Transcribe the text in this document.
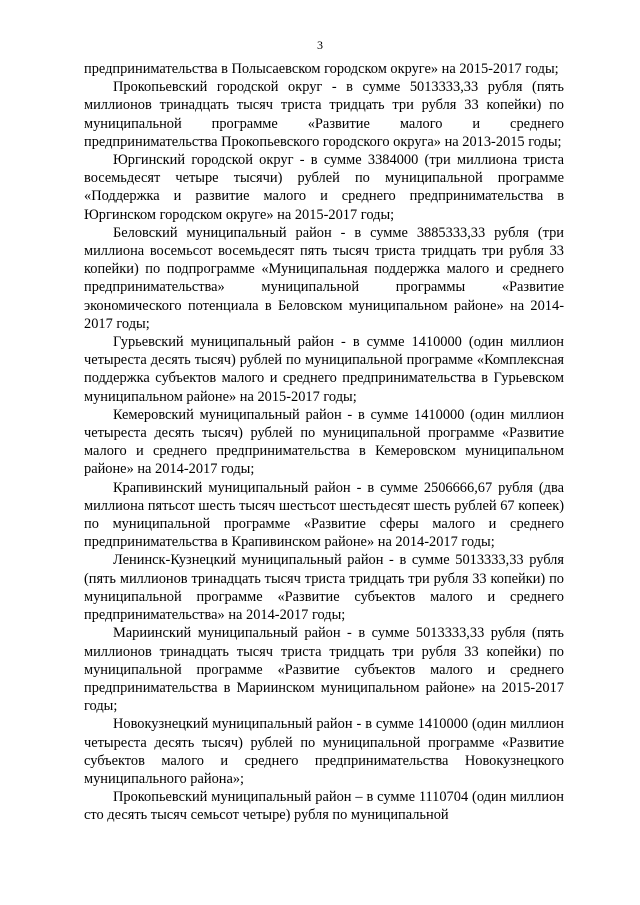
3

предпринимательства в Полысаевском городском округе» на 2015-2017 годы;

Прокопьевский городской округ - в сумме 5013333,33 рубля (пять миллионов тринадцать тысяч триста тридцать три рубля 33 копейки) по муниципальной программе «Развитие малого и среднего предпринимательства Прокопьевского городского округа» на 2013-2015 годы;

Юргинский городской округ - в сумме 3384000 (три миллиона триста восемьдесят четыре тысячи) рублей по муниципальной программе «Поддержка и развитие малого и среднего предпринимательства в Юргинском городском округе» на 2015-2017 годы;

Беловский муниципальный район - в сумме 3885333,33 рубля (три миллиона восемьсот восемьдесят пять тысяч триста тридцать три рубля 33 копейки) по подпрограмме «Муниципальная поддержка малого и среднего предпринимательства» муниципальной программы «Развитие экономического потенциала в Беловском муниципальном районе» на 2014-2017 годы;

Гурьевский муниципальный район - в сумме 1410000 (один миллион четыреста десять тысяч) рублей по муниципальной программе «Комплексная поддержка субъектов малого и среднего предпринимательства в Гурьевском муниципальном районе» на 2015-2017 годы;

Кемеровский муниципальный район - в сумме 1410000 (один миллион четыреста десять тысяч) рублей по муниципальной программе «Развитие малого и среднего предпринимательства в Кемеровском муниципальном районе» на 2014-2017 годы;

Крапивинский муниципальный район - в сумме 2506666,67 рубля (два миллиона пятьсот шесть тысяч шестьсот шестьдесят шесть рублей 67 копеек) по муниципальной программе «Развитие сферы малого и среднего предпринимательства в Крапивинском районе» на 2014-2017 годы;

Ленинск-Кузнецкий муниципальный район - в сумме 5013333,33 рубля (пять миллионов тринадцать тысяч триста тридцать три рубля 33 копейки) по муниципальной программе «Развитие субъектов малого и среднего предпринимательства» на 2014-2017 годы;

Мариинский муниципальный район - в сумме 5013333,33 рубля (пять миллионов тринадцать тысяч триста тридцать три рубля 33 копейки) по муниципальной программе «Развитие субъектов малого и среднего предпринимательства в Мариинском муниципальном районе» на 2015-2017 годы;

Новокузнецкий муниципальный район - в сумме 1410000 (один миллион четыреста десять тысяч) рублей по муниципальной программе «Развитие субъектов малого и среднего предпринимательства Новокузнецкого муниципального района»;

Прокопьевский муниципальный район – в сумме 1110704 (один миллион сто десять тысяч семьсот четыре) рубля по муниципальной
